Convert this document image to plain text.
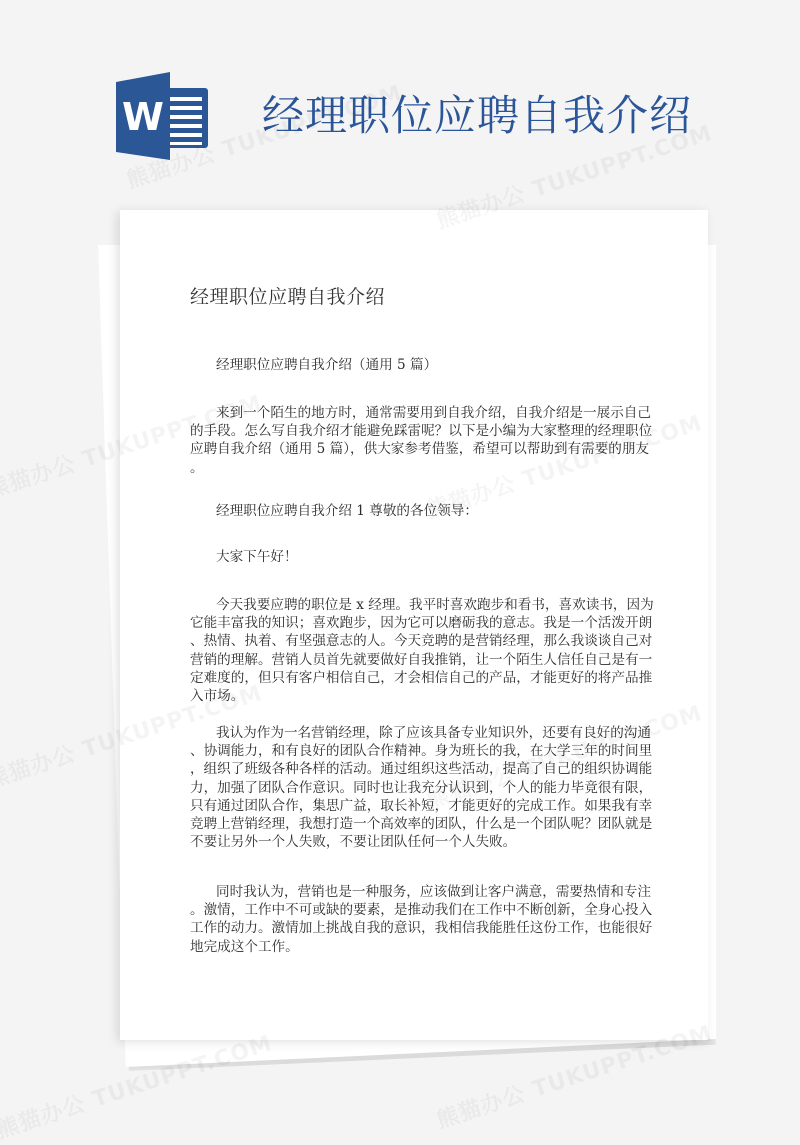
W 经理职位应聘自我介绍
经理职位应聘自我介绍
经理职位应聘自我介绍（通用 5 篇）
来到一个陌生的地方时，通常需要用到自我介绍，自我介绍是一展示自己
的手段。怎么写自我介绍才能避免踩雷呢？以下是小编为大家整理的经理职位
应聘自我介绍（通用 5 篇），供大家参考借鉴，希望可以帮助到有需要的朋友
。
经理职位应聘自我介绍 1 尊敬的各位领导：
大家下午好！
今天我要应聘的职位是 x 经理。我平时喜欢跑步和看书，喜欢读书，因为
它能丰富我的知识；喜欢跑步，因为它可以磨砺我的意志。我是一个活泼开朗
、热情、执着、有坚强意志的人。今天竞聘的是营销经理，那么我谈谈自己对
营销的理解。营销人员首先就要做好自我推销，让一个陌生人信任自己是有一
定难度的，但只有客户相信自己，才会相信自己的产品，才能更好的将产品推
入市场。
我认为作为一名营销经理，除了应该具备专业知识外，还要有良好的沟通
、协调能力，和有良好的团队合作精神。身为班长的我，在大学三年的时间里
，组织了班级各种各样的活动。通过组织这些活动，提高了自己的组织协调能
力，加强了团队合作意识。同时也让我充分认识到，个人的能力毕竟很有限，
只有通过团队合作，集思广益，取长补短，才能更好的完成工作。如果我有幸
竞聘上营销经理，我想打造一个高效率的团队，什么是一个团队呢？团队就是
不要让另外一个人失败，不要让团队任何一个人失败。
同时我认为，营销也是一种服务，应该做到让客户满意，需要热情和专注
。激情，工作中不可或缺的要素，是推动我们在工作中不断创新，全身心投入
工作的动力。激情加上挑战自我的意识，我相信我能胜任这份工作，也能很好
地完成这个工作。
